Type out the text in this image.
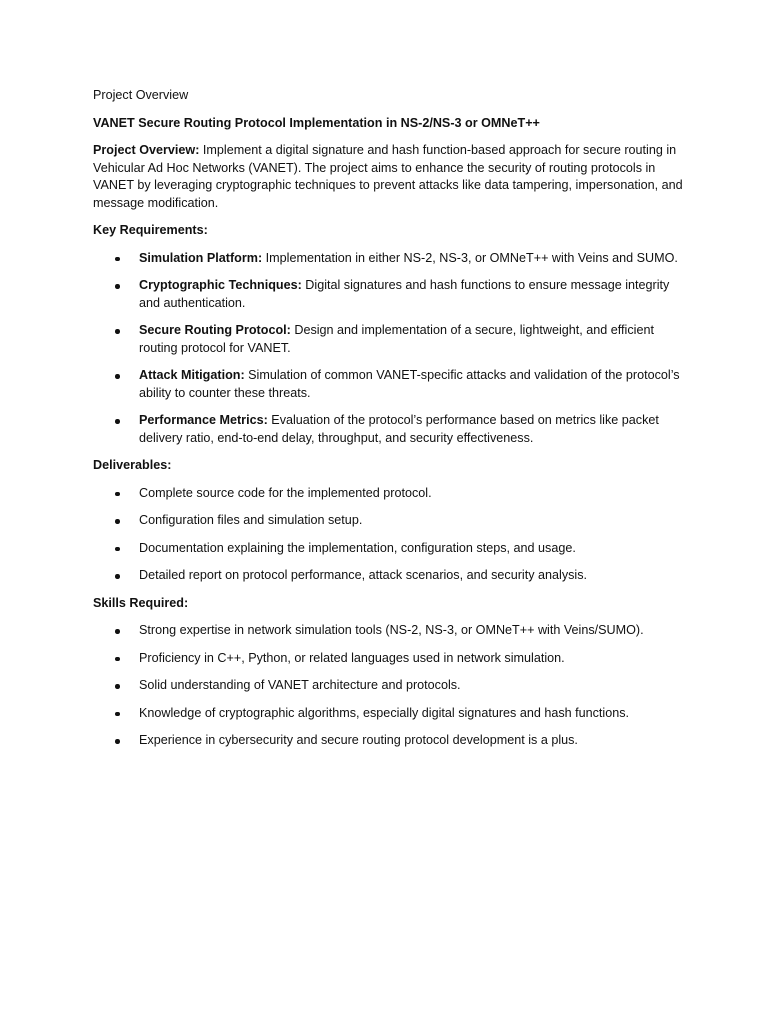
Project Overview

VANET Secure Routing Protocol Implementation in NS-2/NS-3 or OMNeT++

Project Overview: Implement a digital signature and hash function-based approach for secure routing in Vehicular Ad Hoc Networks (VANET). The project aims to enhance the security of routing protocols in VANET by leveraging cryptographic techniques to prevent attacks like data tampering, impersonation, and message modification.

Key Requirements:

Simulation Platform: Implementation in either NS-2, NS-3, or OMNeT++ with Veins and SUMO.
Cryptographic Techniques: Digital signatures and hash functions to ensure message integrity and authentication.
Secure Routing Protocol: Design and implementation of a secure, lightweight, and efficient routing protocol for VANET.
Attack Mitigation: Simulation of common VANET-specific attacks and validation of the protocol’s ability to counter these threats.
Performance Metrics: Evaluation of the protocol’s performance based on metrics like packet delivery ratio, end-to-end delay, throughput, and security effectiveness.

Deliverables:

Complete source code for the implemented protocol.
Configuration files and simulation setup.
Documentation explaining the implementation, configuration steps, and usage.
Detailed report on protocol performance, attack scenarios, and security analysis.

Skills Required:

Strong expertise in network simulation tools (NS-2, NS-3, or OMNeT++ with Veins/SUMO).
Proficiency in C++, Python, or related languages used in network simulation.
Solid understanding of VANET architecture and protocols.
Knowledge of cryptographic algorithms, especially digital signatures and hash functions.
Experience in cybersecurity and secure routing protocol development is a plus.
